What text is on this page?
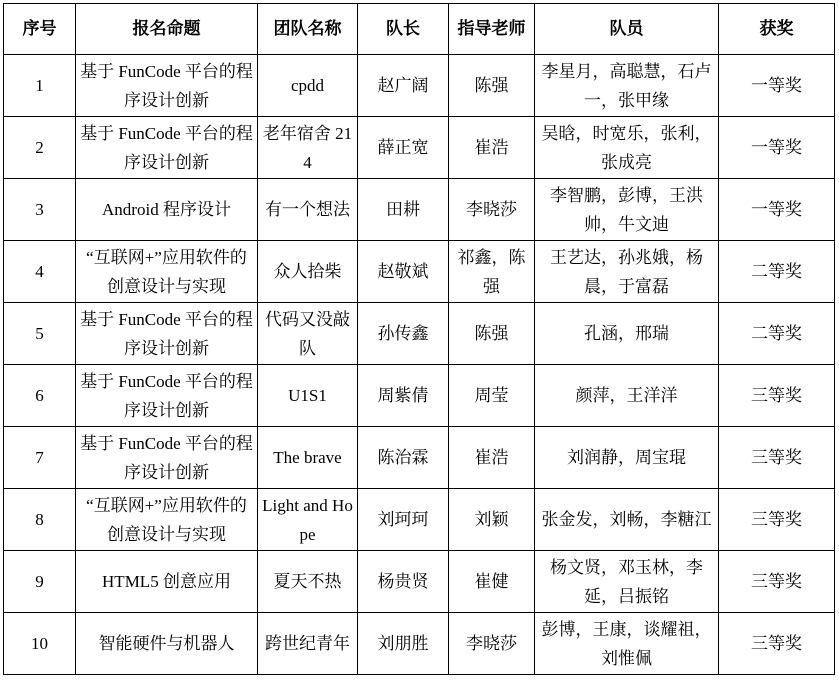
序号	报名命题	团队名称	队长	指导老师	队员	获奖
1	基于 FunCode 平台的程序设计创新	cpdd	赵广阔	陈强	李星月，高聪慧，石卢一，张甲缘	一等奖
2	基于 FunCode 平台的程序设计创新	老年宿舍 214	薛正宽	崔浩	吴晗，时宽乐，张利，张成亮	一等奖
3	Android 程序设计	有一个想法	田耕	李晓莎	李智鹏，彭博，王洪帅，牛文迪	一等奖
4	“互联网+”应用软件的创意设计与实现	众人拾柴	赵敬斌	祁鑫，陈强	王艺达，孙兆娥，杨晨，于富磊	二等奖
5	基于 FunCode 平台的程序设计创新	代码又没敲队	孙传鑫	陈强	孔涵，邢瑞	二等奖
6	基于 FunCode 平台的程序设计创新	U1S1	周紫倩	周莹	颜萍，王洋洋	三等奖
7	基于 FunCode 平台的程序设计创新	The brave	陈治霖	崔浩	刘润静，周宝琨	三等奖
8	“互联网+”应用软件的创意设计与实现	Light and Hope	刘珂珂	刘颖	张金发，刘畅，李糖江	三等奖
9	HTML5 创意应用	夏天不热	杨贵贤	崔健	杨文贤，邓玉林，李延，吕振铭	三等奖
10	智能硬件与机器人	跨世纪青年	刘朋胜	李晓莎	彭博，王康，谈耀祖，刘惟佩	三等奖
